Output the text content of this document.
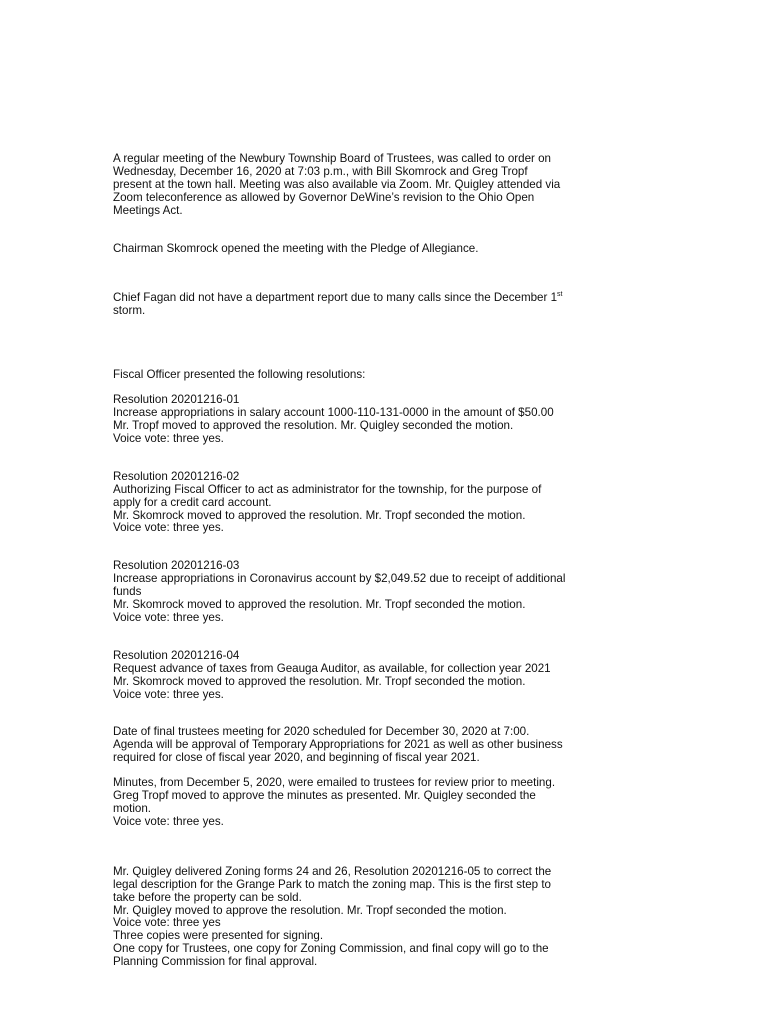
A regular meeting of the Newbury Township Board of Trustees, was called to order on
Wednesday, December 16, 2020 at 7:03 p.m., with Bill Skomrock and Greg Tropf
present at the town hall. Meeting was also available via Zoom. Mr. Quigley attended via
Zoom teleconference as allowed by Governor DeWine’s revision to the Ohio Open
Meetings Act.
Chairman Skomrock opened the meeting with the Pledge of Allegiance.
Chief Fagan did not have a department report due to many calls since the December 1st
storm.
Fiscal Officer presented the following resolutions:
Resolution 20201216-01
Increase appropriations in salary account 1000-110-131-0000 in the amount of $50.00
Mr. Tropf moved to approved the resolution. Mr. Quigley seconded the motion.
Voice vote: three yes.
Resolution 20201216-02
Authorizing Fiscal Officer to act as administrator for the township, for the purpose of
apply for a credit card account.
Mr. Skomrock moved to approved the resolution. Mr. Tropf seconded the motion.
Voice vote: three yes.
Resolution 20201216-03
Increase appropriations in Coronavirus account by $2,049.52 due to receipt of additional
funds
Mr. Skomrock moved to approved the resolution. Mr. Tropf seconded the motion.
Voice vote: three yes.
Resolution 20201216-04
Request advance of taxes from Geauga Auditor, as available, for collection year 2021
Mr. Skomrock moved to approved the resolution. Mr. Tropf seconded the motion.
Voice vote: three yes.
Date of final trustees meeting for 2020 scheduled for December 30, 2020 at 7:00.
Agenda will be approval of Temporary Appropriations for 2021 as well as other business
required for close of fiscal year 2020, and beginning of fiscal year 2021.
Minutes, from December 5, 2020, were emailed to trustees for review prior to meeting.
Greg Tropf moved to approve the minutes as presented. Mr. Quigley seconded the
motion.
Voice vote: three yes.
Mr. Quigley delivered Zoning forms 24 and 26, Resolution 20201216-05 to correct the
legal description for the Grange Park to match the zoning map. This is the first step to
take before the property can be sold.
Mr. Quigley moved to approve the resolution. Mr. Tropf seconded the motion.
Voice vote: three yes
Three copies were presented for signing.
One copy for Trustees, one copy for Zoning Commission, and final copy will go to the
Planning Commission for final approval.
